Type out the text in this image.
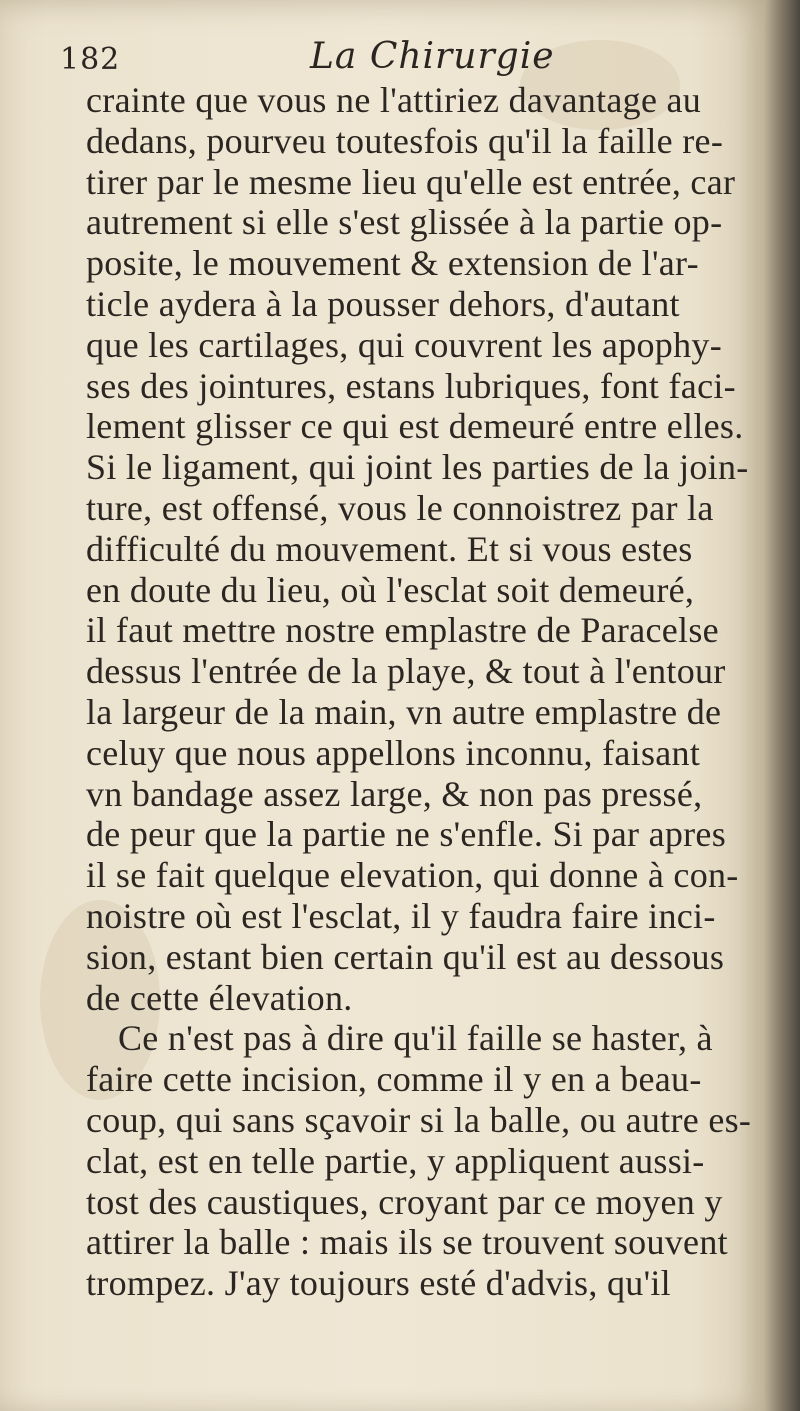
182	La Chirurgie
crainte que vous ne l'attiriez davantage au
dedans, pourveu toutesfois qu'il la faille re-
tirer par le mesme lieu qu'elle est entrée, car
autrement si elle s'est glissée à la partie op-
posite, le mouvement & extension de l'ar-
ticle aydera à la pousser dehors, d'autant
que les cartilages, qui couvrent les apophy-
ses des jointures, estans lubriques, font faci-
lement glisser ce qui est demeuré entre elles.
Si le ligament, qui joint les parties de la join-
ture, est offensé, vous le connoistrez par la
difficulté du mouvement. Et si vous estes
en doute du lieu, où l'esclat soit demeuré,
il faut mettre nostre emplastre de Paracelse
dessus l'entrée de la playe, & tout à l'entour
la largeur de la main, vn autre emplastre de
celuy que nous appellons inconnu, faisant
vn bandage assez large, & non pas pressé,
de peur que la partie ne s'enfle. Si par apres
il se fait quelque elevation, qui donne à con-
noistre où est l'esclat, il y faudra faire inci-
sion, estant bien certain qu'il est au dessous
de cette élevation.
Ce n'est pas à dire qu'il faille se haster, à
faire cette incision, comme il y en a beau-
coup, qui sans sçavoir si la balle, ou autre es-
clat, est en telle partie, y appliquent aussi-
tost des caustiques, croyant par ce moyen y
attirer la balle : mais ils se trouvent souvent
trompez. J'ay toujours esté d'advis, qu'il
